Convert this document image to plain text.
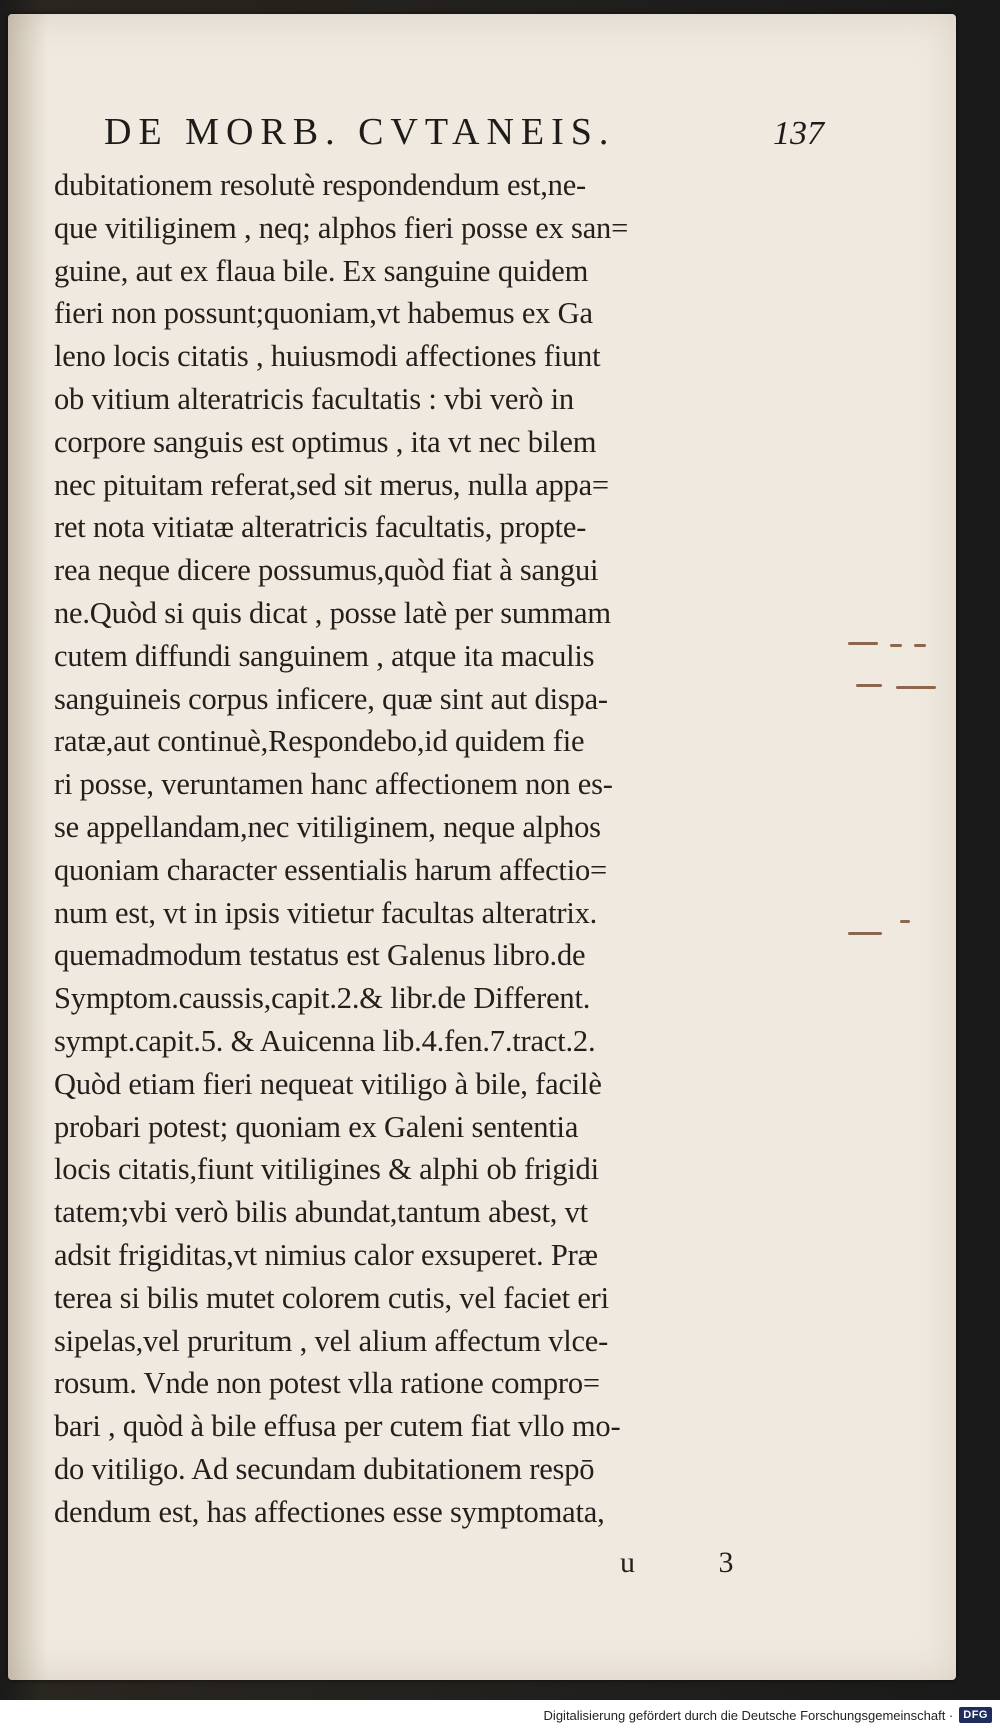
DE MORB. CVTANEIS.	137
dubitationem resolutè respondendum est,ne-
que vitiliginem , neq; alphos fieri posse ex san=
guine, aut ex flaua bile. Ex sanguine quidem
fieri non possunt;quoniam,vt habemus ex Ga
leno locis citatis , huiusmodi affectiones fiunt
ob vitium alteratricis facultatis : vbi verò in
corpore sanguis est optimus , ita vt nec bilem
nec pituitam referat,sed sit merus, nulla appa=
ret nota vitiatæ alteratricis facultatis, propte-
rea neque dicere possumus,quòd fiat à sangui
ne.Quòd si quis dicat , posse latè per summam
cutem diffundi sanguinem , atque ita maculis
sanguineis corpus inficere, quæ sint aut dispa-
ratæ,aut continuè,Respondebo,id quidem fie
ri posse, veruntamen hanc affectionem non es-
se appellandam,nec vitiliginem, neque alphos
quoniam character essentialis harum affectio=
num est, vt in ipsis vitietur facultas alteratrix.
quemadmodum testatus est Galenus libro.de
Symptom.caussis,capit.2.& libr.de Different.
sympt.capit.5. & Auicenna lib.4.fen.7.tract.2.
Quòd etiam fieri nequeat vitiligo à bile, facilè
probari potest; quoniam ex Galeni sententia
locis citatis,fiunt vitiligines & alphi ob frigidi
tatem;vbi verò bilis abundat,tantum abest, vt
adsit frigiditas,vt nimius calor exsuperet. Præ
terea si bilis mutet colorem cutis, vel faciet eri
sipelas,vel pruritum , vel alium affectum vlce-
rosum. Vnde non potest vlla ratione compro=
bari , quòd à bile effusa per cutem fiat vllo mo-
do vitiligo. Ad secundam dubitationem respō
dendum est, has affectiones esse symptomata,
u 3
Digitalisierung gefördert durch die Deutsche Forschungsgemeinschaft · DFG
